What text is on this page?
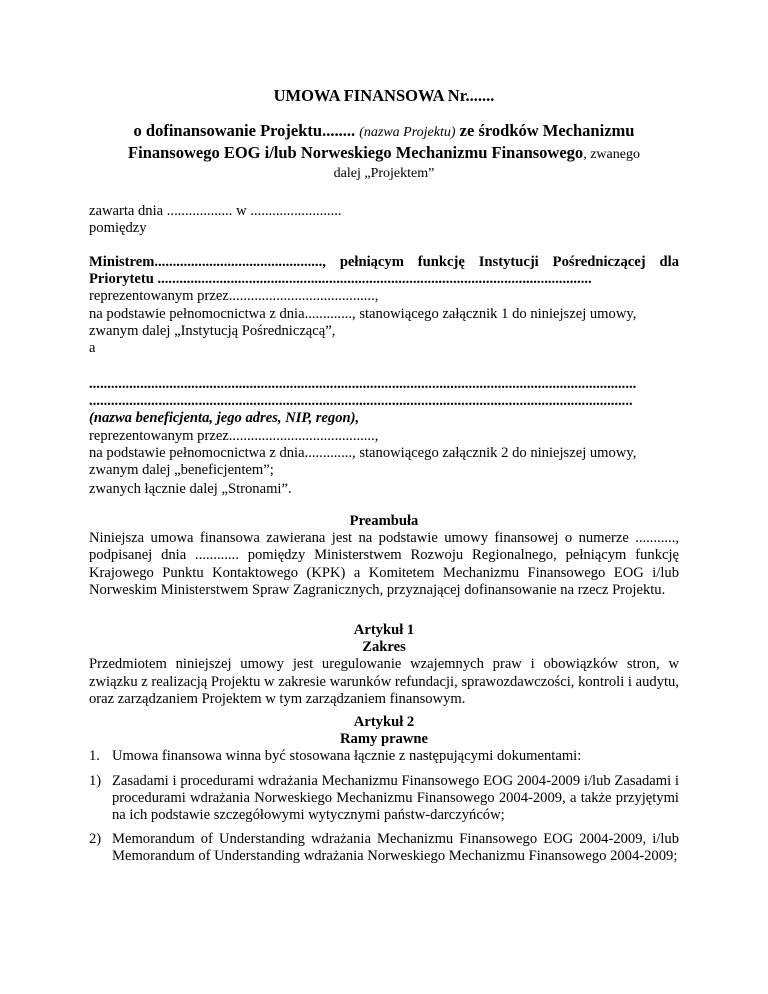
UMOWA FINANSOWA Nr.......
o dofinansowanie Projektu........ (nazwa Projektu) ze środków Mechanizmu
Finansowego EOG i/lub Norweskiego Mechanizmu Finansowego, zwanego
dalej „Projektem”
zawarta dnia .................. w .........................
pomiędzy
Ministrem.............................................., pełniącym funkcję Instytucji Pośredniczącej dla
Priorytetu .......................................................................................................................
reprezentowanym przez........................................,
na podstawie pełnomocnictwa z dnia............., stanowiącego załącznik 1 do niniejszej umowy,
zwanym dalej „Instytucją Pośredniczącą”,
a
......................................................................................................................................................
.....................................................................................................................................................
(nazwa beneficjenta, jego adres, NIP, regon),
reprezentowanym przez........................................,
na podstawie pełnomocnictwa z dnia............., stanowiącego załącznik 2 do niniejszej umowy,
zwanym dalej „beneficjentem”;
zwanych łącznie dalej „Stronami”.
Preambuła
Niniejsza umowa finansowa zawierana jest na podstawie umowy finansowej o numerze ..........., podpisanej dnia ............ pomiędzy Ministerstwem Rozwoju Regionalnego, pełniącym funkcję Krajowego Punktu Kontaktowego (KPK) a Komitetem Mechanizmu Finansowego EOG i/lub Norweskim Ministerstwem Spraw Zagranicznych, przyznającej dofinansowanie na rzecz Projektu.
Artykuł 1
Zakres
Przedmiotem niniejszej umowy jest uregulowanie wzajemnych praw i obowiązków stron, w związku z realizacją Projektu w zakresie warunków refundacji, sprawozdawczości, kontroli i audytu, oraz zarządzaniem Projektem w tym zarządzaniem finansowym.
Artykuł 2
Ramy prawne
1. Umowa finansowa winna być stosowana łącznie z następującymi dokumentami:
1) Zasadami i procedurami wdrażania Mechanizmu Finansowego EOG 2004-2009 i/lub Zasadami i procedurami wdrażania Norweskiego Mechanizmu Finansowego 2004-2009, a także przyjętymi na ich podstawie szczegółowymi wytycznymi państw-darczyńców;
2) Memorandum of Understanding wdrażania Mechanizmu Finansowego EOG 2004-2009, i/lub Memorandum of Understanding wdrażania Norweskiego Mechanizmu Finansowego 2004-2009;
